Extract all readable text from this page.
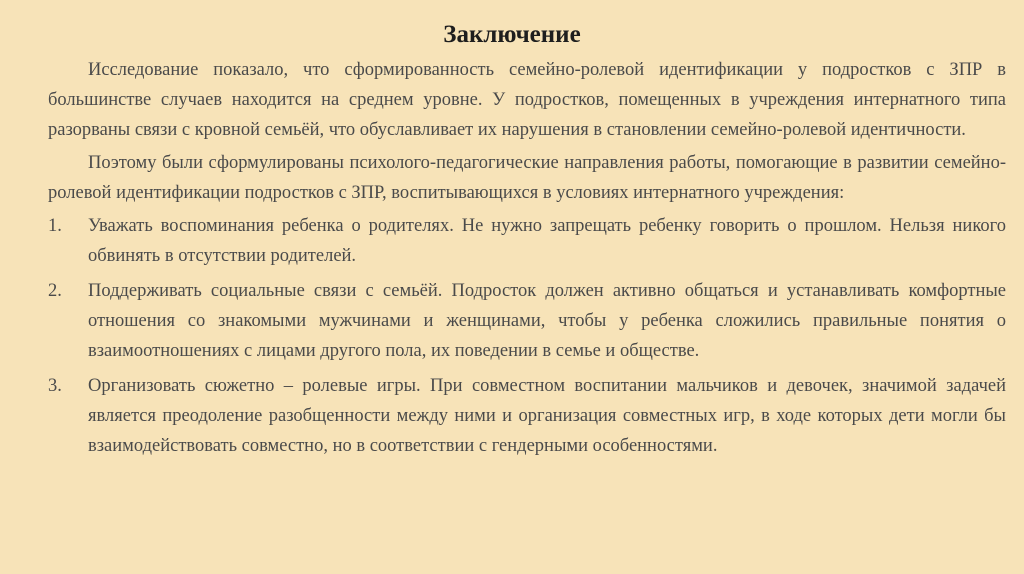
Заключение

Исследование показало, что сформированность семейно-ролевой идентификации у подростков с ЗПР в большинстве случаев находится на среднем уровне. У подростков, помещенных в учреждения интернатного типа разорваны связи с кровной семьёй, что обуславливает их нарушения в становлении семейно-ролевой идентичности.

Поэтому были сформулированы психолого-педагогические направления работы, помогающие в развитии семейно-ролевой идентификации подростков с ЗПР, воспитывающихся в условиях интернатного учреждения:

1. Уважать воспоминания ребенка о родителях. Не нужно запрещать ребенку говорить о прошлом. Нельзя никого обвинять в отсутствии родителей.
2. Поддерживать социальные связи с семьёй. Подросток должен активно общаться и устанавливать комфортные отношения со знакомыми мужчинами и женщинами, чтобы у ребенка сложились правильные понятия о взаимоотношениях с лицами другого пола, их поведении в семье и обществе.
3. Организовать сюжетно – ролевые игры. При совместном воспитании мальчиков и девочек, значимой задачей является преодоление разобщенности между ними и организация совместных игр, в ходе которых дети могли бы взаимодействовать совместно, но в соответствии с гендерными особенностями.
